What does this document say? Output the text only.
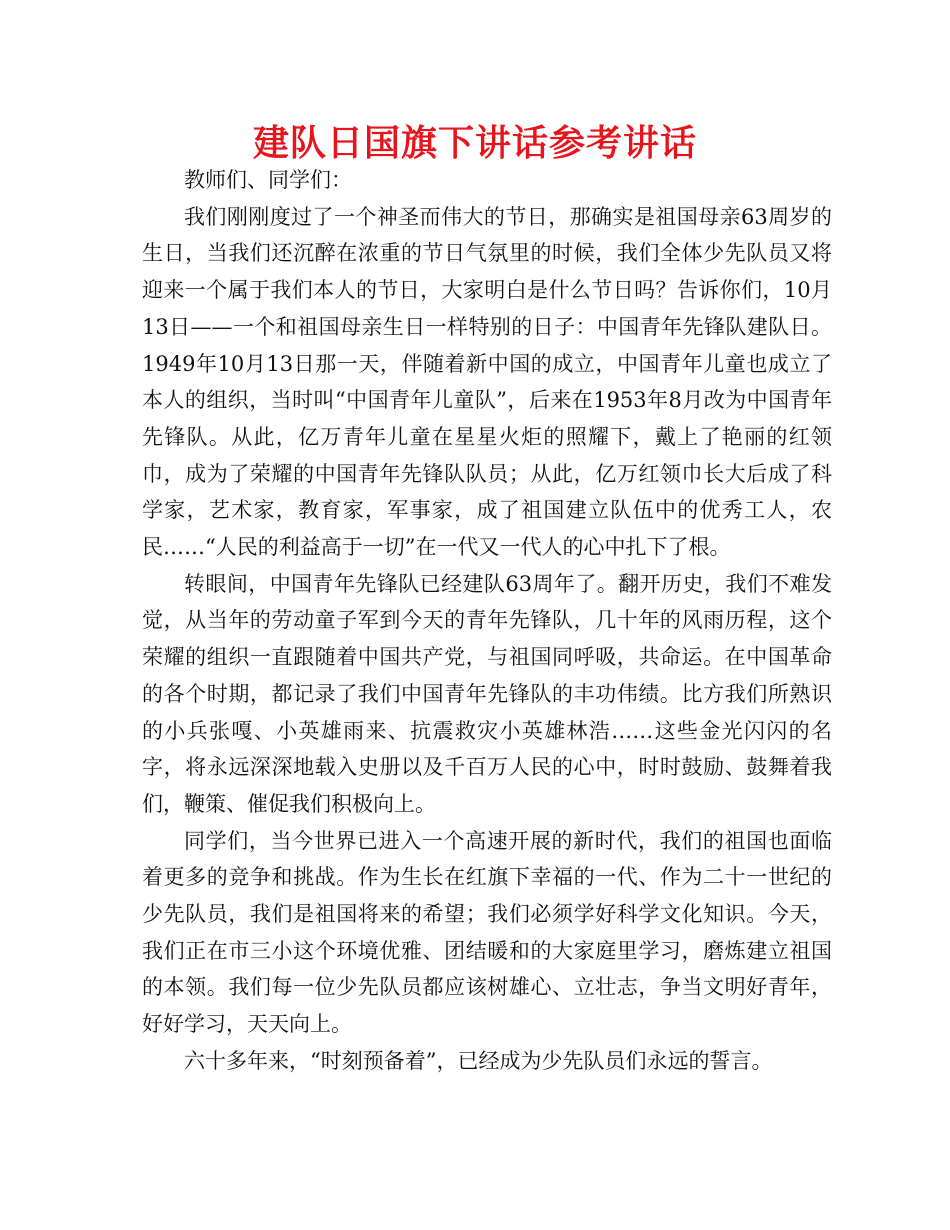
建队日国旗下讲话参考讲话

教师们、同学们：

我们刚刚度过了一个神圣而伟大的节日，那确实是祖国母亲63周岁的生日，当我们还沉醉在浓重的节日气氛里的时候，我们全体少先队员又将迎来一个属于我们本人的节日，大家明白是什么节日吗？告诉你们，10月13日——一个和祖国母亲生日一样特别的日子：中国青年先锋队建队日。1949年10月13日那一天，伴随着新中国的成立，中国青年儿童也成立了本人的组织，当时叫“中国青年儿童队”，后来在1953年8月改为中国青年先锋队。从此，亿万青年儿童在星星火炬的照耀下，戴上了艳丽的红领巾，成为了荣耀的中国青年先锋队队员；从此，亿万红领巾长大后成了科学家，艺术家，教育家，军事家，成了祖国建立队伍中的优秀工人，农民……“人民的利益高于一切”在一代又一代人的心中扎下了根。

转眼间，中国青年先锋队已经建队63周年了。翻开历史，我们不难发觉，从当年的劳动童子军到今天的青年先锋队，几十年的风雨历程，这个荣耀的组织一直跟随着中国共产党，与祖国同呼吸，共命运。在中国革命的各个时期，都记录了我们中国青年先锋队的丰功伟绩。比方我们所熟识的小兵张嘎、小英雄雨来、抗震救灾小英雄林浩……这些金光闪闪的名字，将永远深深地载入史册以及千百万人民的心中，时时鼓励、鼓舞着我们，鞭策、催促我们积极向上。

同学们，当今世界已进入一个高速开展的新时代，我们的祖国也面临着更多的竞争和挑战。作为生长在红旗下幸福的一代、作为二十一世纪的少先队员，我们是祖国将来的希望；我们必须学好科学文化知识。今天，我们正在市三小这个环境优雅、团结暖和的大家庭里学习，磨炼建立祖国的本领。我们每一位少先队员都应该树雄心、立壮志，争当文明好青年，好好学习，天天向上。

六十多年来，“时刻预备着”，已经成为少先队员们永远的誓言。
